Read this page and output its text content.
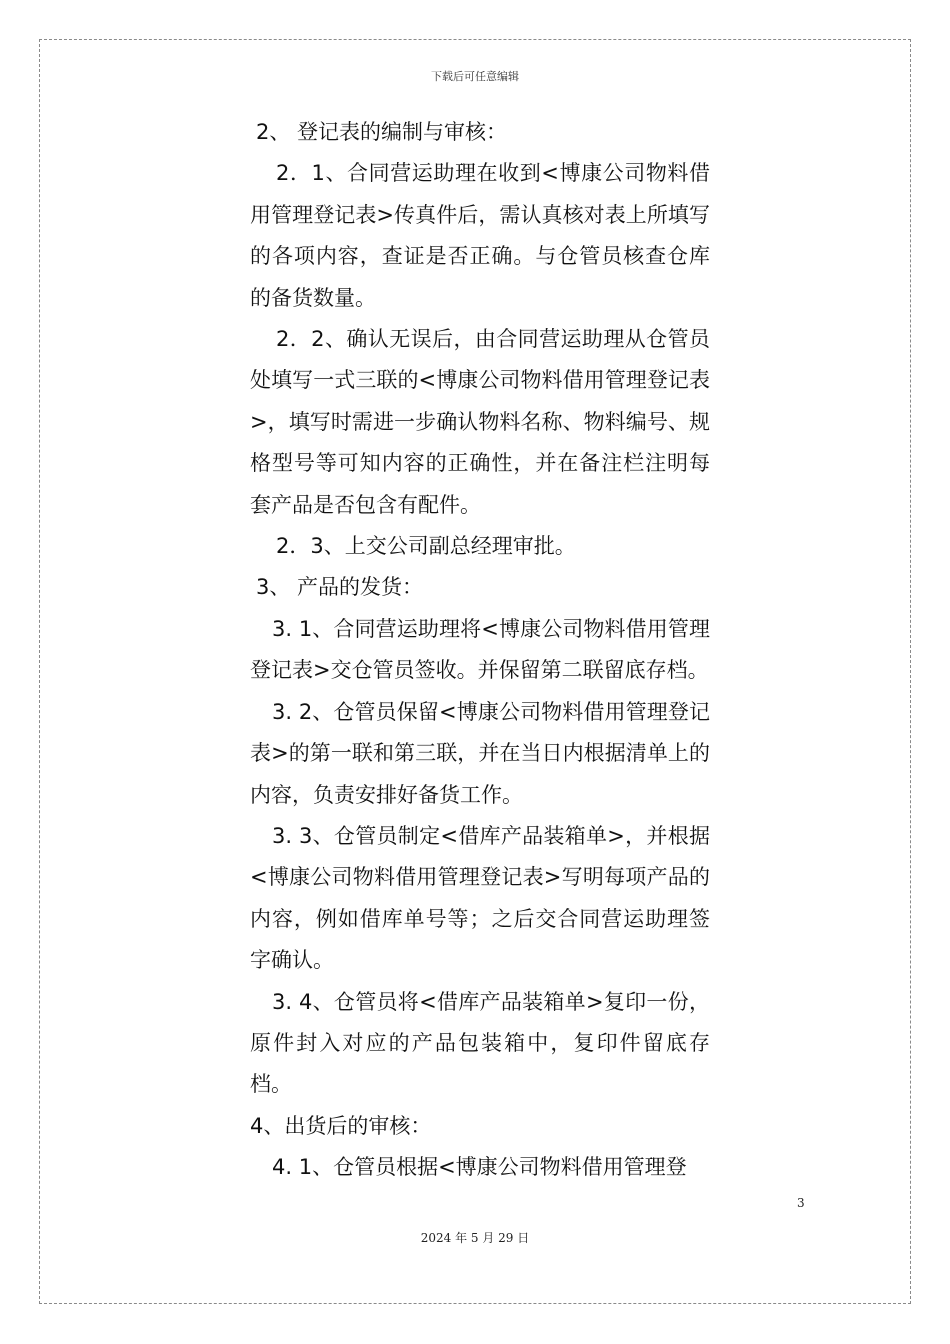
下载后可任意编辑

2、 登记表的编制与审核：

2．1、合同营运助理在收到<博康公司物料借用管理登记表>传真件后，需认真核对表上所填写的各项内容，查证是否正确。与仓管员核查仓库的备货数量。

2．2、确认无误后，由合同营运助理从仓管员处填写一式三联的<博康公司物料借用管理登记表>，填写时需进一步确认物料名称、物料编号、规格型号等可知内容的正确性，并在备注栏注明每套产品是否包含有配件。

2．3、上交公司副总经理审批。

3、 产品的发货：

3. 1、合同营运助理将<博康公司物料借用管理登记表>交仓管员签收。并保留第二联留底存档。

3. 2、仓管员保留<博康公司物料借用管理登记表>的第一联和第三联，并在当日内根据清单上的内容，负责安排好备货工作。

3. 3、仓管员制定<借库产品装箱单>，并根据<博康公司物料借用管理登记表>写明每项产品的内容，例如借库单号等；之后交合同营运助理签字确认。

3. 4、仓管员将<借库产品装箱单>复印一份，原件封入对应的产品包装箱中，复印件留底存档。

4、出货后的审核：

4. 1、仓管员根据<博康公司物料借用管理登

3
2024 年 5 月 29 日
